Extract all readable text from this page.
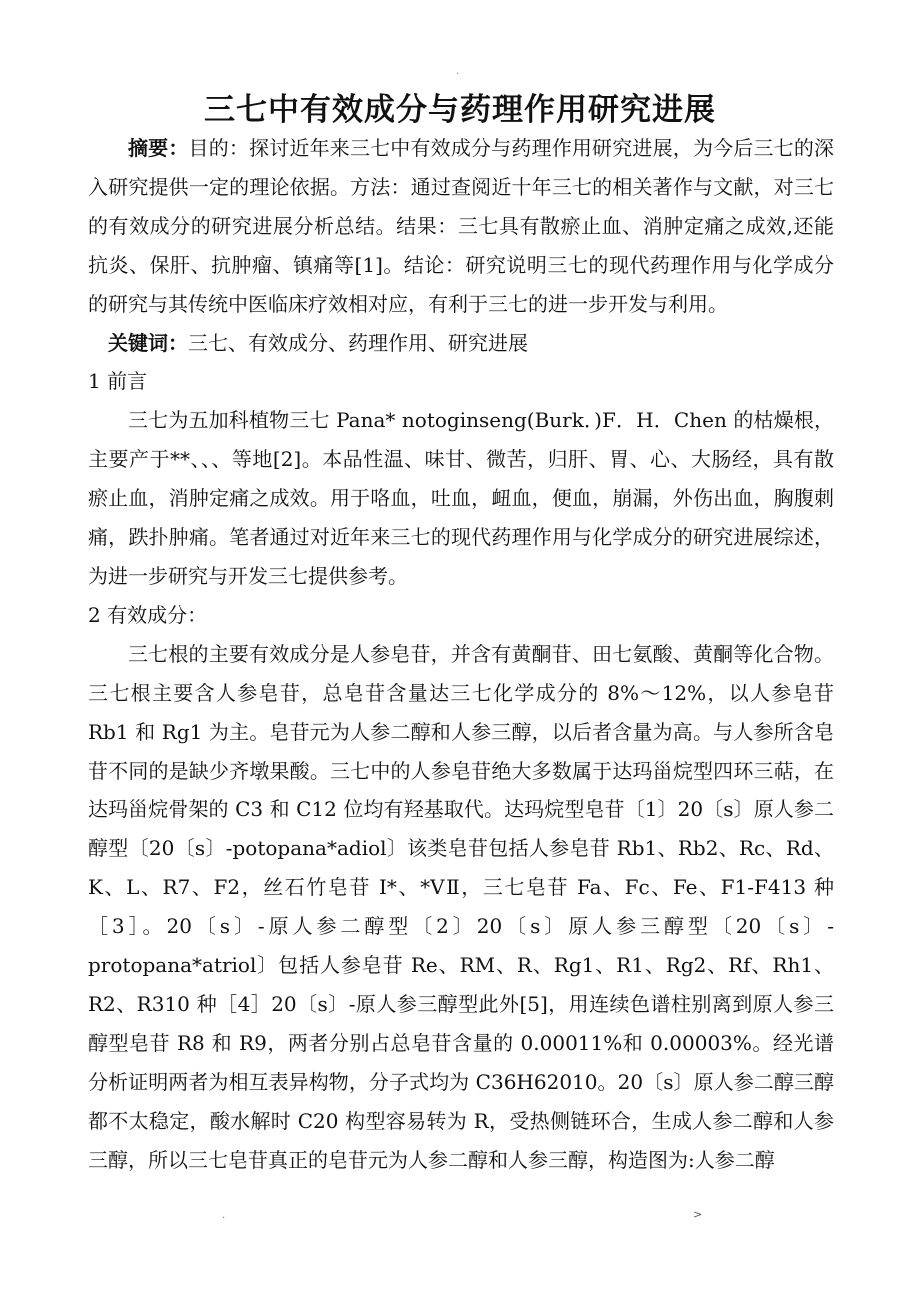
.
三七中有效成分与药理作用研究进展

摘要：目的：探讨近年来三七中有效成分与药理作用研究进展，为今后三七的深入研究提供一定的理论依据。方法：通过查阅近十年三七的相关著作与文献，对三七的有效成分的研究进展分析总结。结果：三七具有散瘀止血、消肿定痛之成效,还能抗炎、保肝、抗肿瘤、镇痛等[1]。结论：研究说明三七的现代药理作用与化学成分的研究与其传统中医临床疗效相对应，有利于三七的进一步开发与利用。

关键词：三七、有效成分、药理作用、研究进展

1 前言

三七为五加科植物三七 Pana* notoginseng(Burk．)F．H．Chen 的枯燥根，主要产于**、、、等地[2]。本品性温、味甘、微苦，归肝、胃、心、大肠经，具有散瘀止血，消肿定痛之成效。用于咯血，吐血，衄血，便血，崩漏，外伤出血，胸腹刺痛，跌扑肿痛。笔者通过对近年来三七的现代药理作用与化学成分的研究进展综述，为进一步研究与开发三七提供参考。

2 有效成分：

三七根的主要有效成分是人参皂苷，并含有黄酮苷、田七氨酸、黄酮等化合物。三七根主要含人参皂苷，总皂苷含量达三七化学成分的 8%～12%，以人参皂苷 Rb1 和 Rg1 为主。皂苷元为人参二醇和人参三醇，以后者含量为高。与人参所含皂苷不同的是缺少齐墩果酸。三七中的人参皂苷绝大多数属于达玛甾烷型四环三萜，在达玛甾烷骨架的 C3 和 C12 位均有羟基取代。达玛烷型皂苷〔1〕20〔s〕原人参二醇型〔20〔s〕-potopana*adiol〕该类皂苷包括人参皂苷 Rb1、Rb2、Rc、Rd、K、L、R7、F2，丝石竹皂苷 I*、*VⅡ，三七皂苷 Fa、Fc、Fe、F1-F413 种［3］。20〔s〕-原人参二醇型〔2〕20〔s〕原人参三醇型〔20〔s〕-protopana*atriol〕包括人参皂苷 Re、RM、R、Rg1、R1、Rg2、Rf、Rh1、R2、R310 种［4］20〔s〕-原人参三醇型此外[5]，用连续色谱柱别离到原人参三醇型皂苷 R8 和 R9，两者分别占总皂苷含量的 0.00011%和 0.00003%。经光谱分析证明两者为相互表异构物，分子式均为 C36H62010。20〔s〕原人参二醇三醇都不太稳定，酸水解时 C20 构型容易转为 R，受热侧链环合，生成人参二醇和人参三醇，所以三七皂苷真正的皂苷元为人参二醇和人参三醇，构造图为:人参二醇

.	>
